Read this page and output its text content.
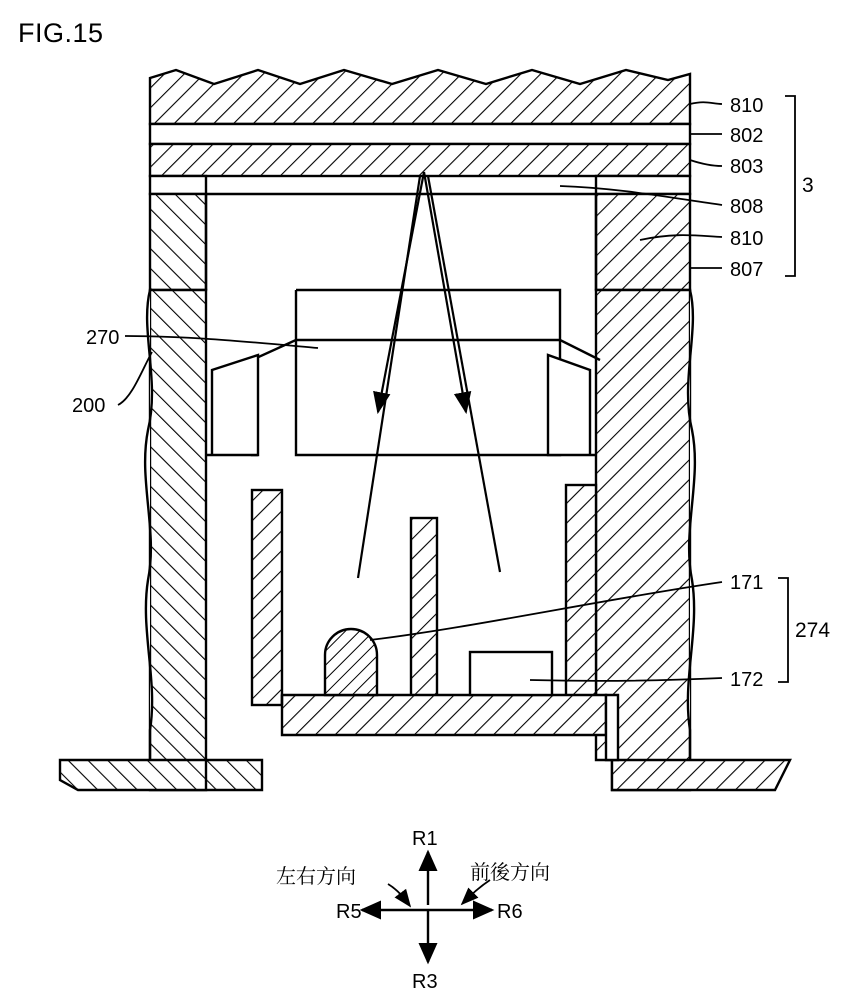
FIG.15
810
802
803
808
810
807
3
270
200
171
172
274
R1
R3
R5	R6
左右方向	前後方向
